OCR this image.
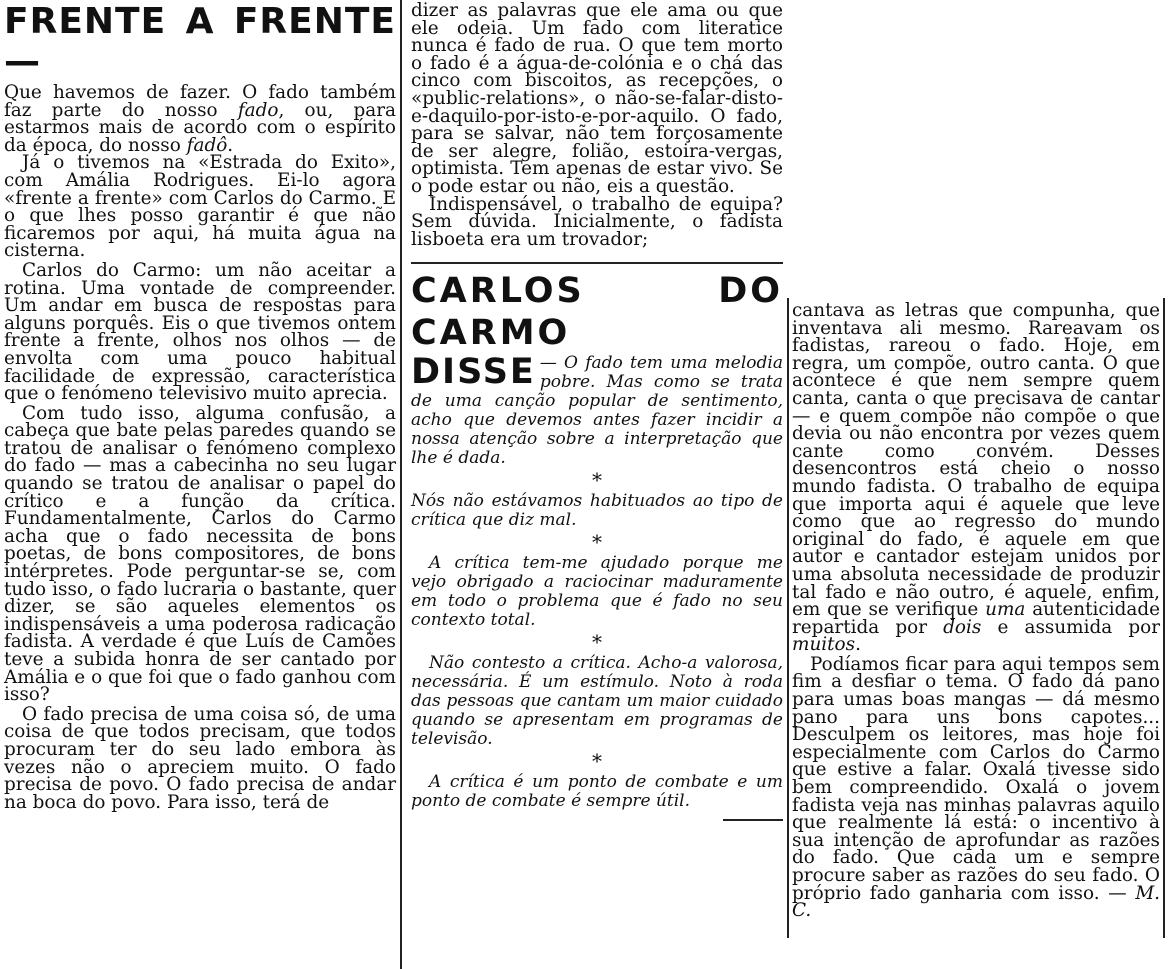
FRENTE A FRENTE —

Que havemos de fazer. O fado também faz parte do nosso fado, ou, para estarmos mais de acordo com o espírito da época, do nosso fadô.

Já o tivemos na «Estrada do Exito», com Amália Rodrigues. Ei-lo agora «frente a frente» com Carlos do Carmo. E o que lhes posso garantir é que não ficaremos por aqui, há muita água na cisterna.

Carlos do Carmo: um não aceitar a rotina. Uma vontade de compreender. Um andar em busca de respostas para alguns porquês. Eis o que tivemos ontem frente a frente, olhos nos olhos — de envolta com uma pouco habitual facilidade de expressão, característica que o fenómeno televisivo muito aprecia.

Com tudo isso, alguma confusão, a cabeça que bate pelas paredes quando se tratou de analisar o fenómeno complexo do fado — mas a cabecinha no seu lugar quando se tratou de analisar o papel do crítico e a função da crítica. Fundamentalmente, Carlos do Carmo acha que o fado necessita de bons poetas, de bons compositores, de bons intérpretes. Pode perguntar-se se, com tudo isso, o fado lucraria o bastante, quer dizer, se são aqueles elementos os indispensáveis a uma poderosa radicação fadista. A verdade é que Luís de Camões teve a subida honra de ser cantado por Amália e o que foi que o fado ganhou com isso?

O fado precisa de uma coisa só, de uma coisa de que todos precisam, que todos procuram ter do seu lado embora às vezes não o apreciem muito. O fado precisa de povo. O fado precisa de andar na boca do povo. Para isso, terá de

dizer as palavras que ele ama ou que ele odeia. Um fado com literatice nunca é fado de rua. O que tem morto o fado é a água-de-colónia e o chá das cinco com biscoitos, as recepções, o «public-relations», o não-se-falar-disto-e-daquilo-por-isto-e-por-aquilo. O fado, para se salvar, não tem forçosamente de ser alegre, folião, estoira-vergas, optimista. Tem apenas de estar vivo. Se o pode estar ou não, eis a questão.

Indispensável, o trabalho de equipa? Sem dúvida. Inicialmente, o fadista lisboeta era um trovador;

CARLOS DO CARMO
DISSE — O fado tem uma melodia pobre. Mas como se trata de uma canção popular de sentimento, acho que devemos antes fazer incidir a nossa atenção sobre a interpretação que lhe é dada.
*

Nós não estávamos habituados ao tipo de crítica que diz mal.

*

A crítica tem-me ajudado porque me vejo obrigado a raciocinar maduramente em todo o problema que é fado no seu contexto total.

*

Não contesto a crítica. Acho-a valorosa, necessária. É um estímulo. Noto à roda das pessoas que cantam um maior cuidado quando se apresentam em programas de televisão.

*

A crítica é um ponto de combate e um ponto de combate é sempre útil.

cantava as letras que compunha, que inventava ali mesmo. Rareavam os fadistas, rareou o fado. Hoje, em regra, um compõe, outro canta. O que acontece é que nem sempre quem canta, canta o que precisava de cantar — e quem compõe não compõe o que devia ou não encontra por vezes quem cante como convém. Desses desencontros está cheio o nosso mundo fadista. O trabalho de equipa que importa aqui é aquele que leve como que ao regresso do mundo original do fado, é aquele em que autor e cantador estejam unidos por uma absoluta necessidade de produzir tal fado e não outro, é aquele, enfim, em que se verifique uma autenticidade repartida por dois e assumida por muitos.

Podíamos ficar para aqui tempos sem fim a desfiar o tema. O fado dá pano para umas boas mangas — dá mesmo pano para uns bons capotes... Desculpem os leitores, mas hoje foi especialmente com Carlos do Carmo que estive a falar. Oxalá tivesse sido bem compreendido. Oxalá o jovem fadista veja nas minhas palavras aquilo que realmente lá está: o incentivo à sua intenção de aprofundar as razões do fado. Que cada um e sempre procure saber as razões do seu fado. O próprio fado ganharia com isso. — M. C.
